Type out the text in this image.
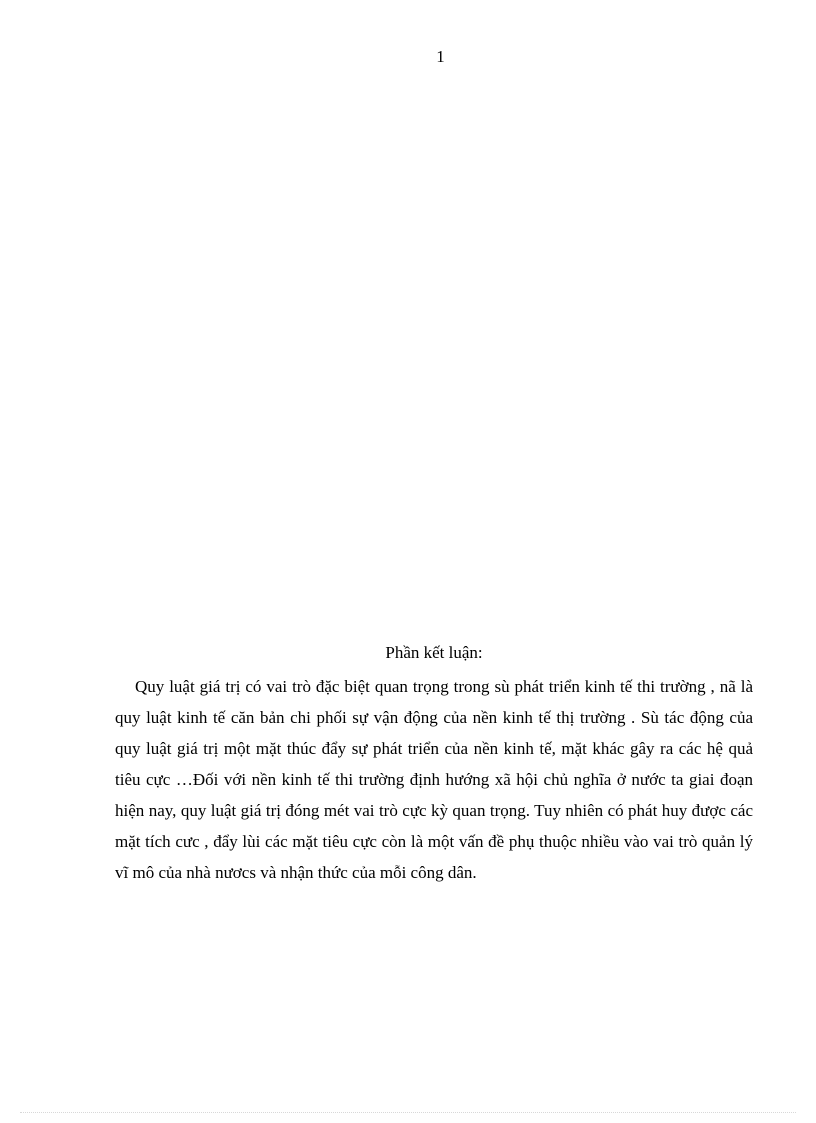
1
Phần kết luận:

Quy luật giá trị có vai trò đặc biệt quan trọng trong sù phát triển kinh tế thi trường , nã là quy luật kinh tế căn bản chi phối sự vận động của nền kinh tế thị trường . Sù tác động của quy luật giá trị một mặt thúc đẩy sự phát triển của nền kinh tế, mặt khác gây ra các hệ quả tiêu cực …Đối với nền kinh tế thi trường định hướng xã hội chủ nghĩa ở nước ta giai đoạn hiện nay, quy luật giá trị đóng mét vai trò cực kỳ quan trọng. Tuy nhiên có phát huy được các mặt tích cưc , đẩy lùi các mặt tiêu cực còn là một vấn đề phụ thuộc nhiều vào vai trò quản lý vĩ mô của nhà nươcs và nhận thức của mỗi công dân.
